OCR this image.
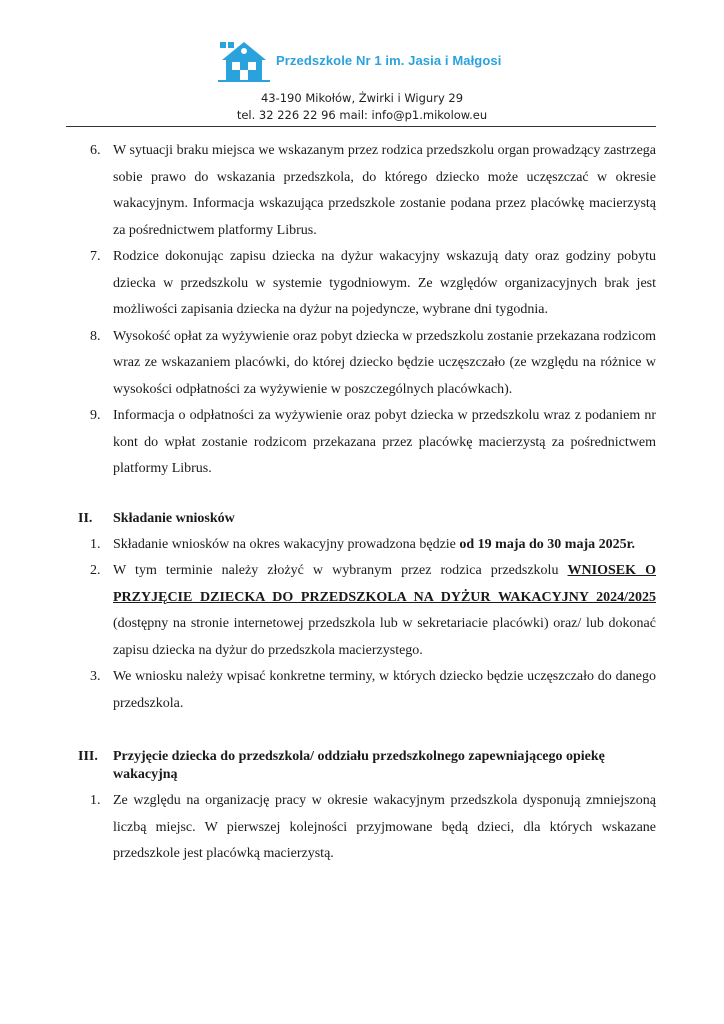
Przedszkole Nr 1 im. Jasia i Małgosi
43-190 Mikołów, Żwirki i Wigury 29
tel. 32 226 22 96 mail: info@p1.mikolow.eu
6. W sytuacji braku miejsca we wskazanym przez rodzica przedszkolu organ prowadzący zastrzega sobie prawo do wskazania przedszkola, do którego dziecko może uczęszczać w okresie wakacyjnym. Informacja wskazująca przedszkole zostanie podana przez placówkę macierzystą za pośrednictwem platformy Librus.
7. Rodzice dokonując zapisu dziecka na dyżur wakacyjny wskazują daty oraz godziny pobytu dziecka w przedszkolu w systemie tygodniowym. Ze względów organizacyjnych brak jest możliwości zapisania dziecka na dyżur na pojedyncze, wybrane dni tygodnia.
8. Wysokość opłat za wyżywienie oraz pobyt dziecka w przedszkolu zostanie przekazana rodzicom wraz ze wskazaniem placówki, do której dziecko będzie uczęszczało (ze względu na różnice w wysokości odpłatności za wyżywienie w poszczególnych placówkach).
9. Informacja o odpłatności za wyżywienie oraz pobyt dziecka w przedszkolu wraz z podaniem nr kont do wpłat zostanie rodzicom przekazana przez placówkę macierzystą za pośrednictwem platformy Librus.
II. Składanie wniosków
1. Składanie wniosków na okres wakacyjny prowadzona będzie od 19 maja do 30 maja 2025r.
2. W tym terminie należy złożyć w wybranym przez rodzica przedszkolu WNIOSEK O PRZYJĘCIE DZIECKA DO PRZEDSZKOLA NA DYŻUR WAKACYJNY 2024/2025 (dostępny na stronie internetowej przedszkola lub w sekretariacie placówki) oraz/ lub dokonać zapisu dziecka na dyżur do przedszkola macierzystego.
3. We wniosku należy wpisać konkretne terminy, w których dziecko będzie uczęszczało do danego przedszkola.
III. Przyjęcie dziecka do przedszkola/ oddziału przedszkolnego zapewniającego opiekę wakacyjną
1. Ze względu na organizację pracy w okresie wakacyjnym przedszkola dysponują zmniejszoną liczbą miejsc. W pierwszej kolejności przyjmowane będą dzieci, dla których wskazane przedszkole jest placówką macierzystą.
